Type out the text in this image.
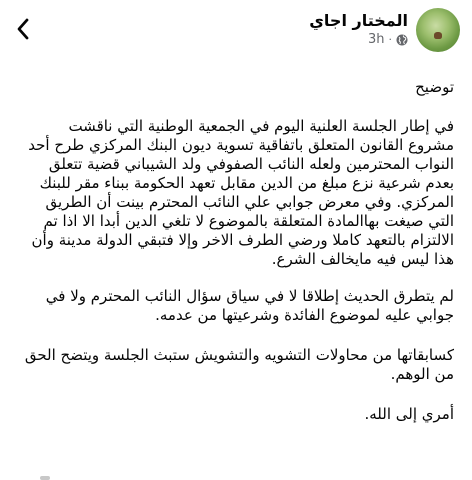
المختار اجاي
3h ·

توضيح

في إطار الجلسة العلنية اليوم في الجمعية الوطنية التي ناقشت مشروع القانون المتعلق باتفاقية تسوية ديون البنك المركزي طرح أحد النواب المحترمين ولعله النائب الصفوفي ولد الشيباني قضية تتعلق بعدم شرعية نزع مبلغ من الدين مقابل تعهد الحكومة ببناء مقر للبنك المركزي. وفي معرض جوابي علي النائب المحترم بينت أن الطريق التي صيغت بهاالمادة المتعلقة بالموضوع لا تلغي الدين أبدا الا اذا تم الالتزام بالتعهد كاملا ورضي الطرف الاخر وإلا فتبقي الدولة مدينة وأن هذا ليس فيه مايخالف الشرع.

لم يتطرق الحديث إطلاقا لا في سياق سؤال النائب المحترم ولا في جوابي عليه لموضوع الفائدة وشرعيتها من عدمه.

كسابقاتها من محاولات التشويه والتشويش ستبث الجلسة ويتضح الحق من الوهم.

أمري إلى الله.
